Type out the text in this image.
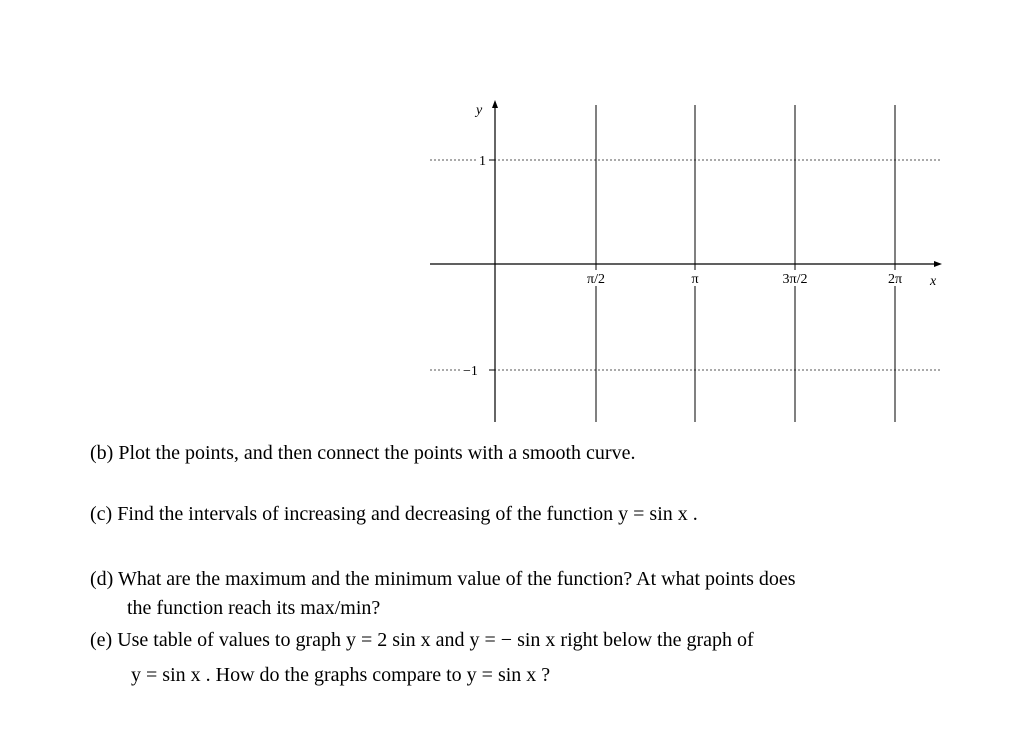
y
x
1
−1
π/2	π	3π/2	2π

(b) Plot the points, and then connect the points with a smooth curve.

(c) Find the intervals of increasing and decreasing of the function y = sin x .

(d) What are the maximum and the minimum value of the function? At what points does

the function reach its max/min?

(e) Use table of values to graph y = 2 sin x and y = − sin x right below the graph of

y = sin x . How do the graphs compare to y = sin x ?
